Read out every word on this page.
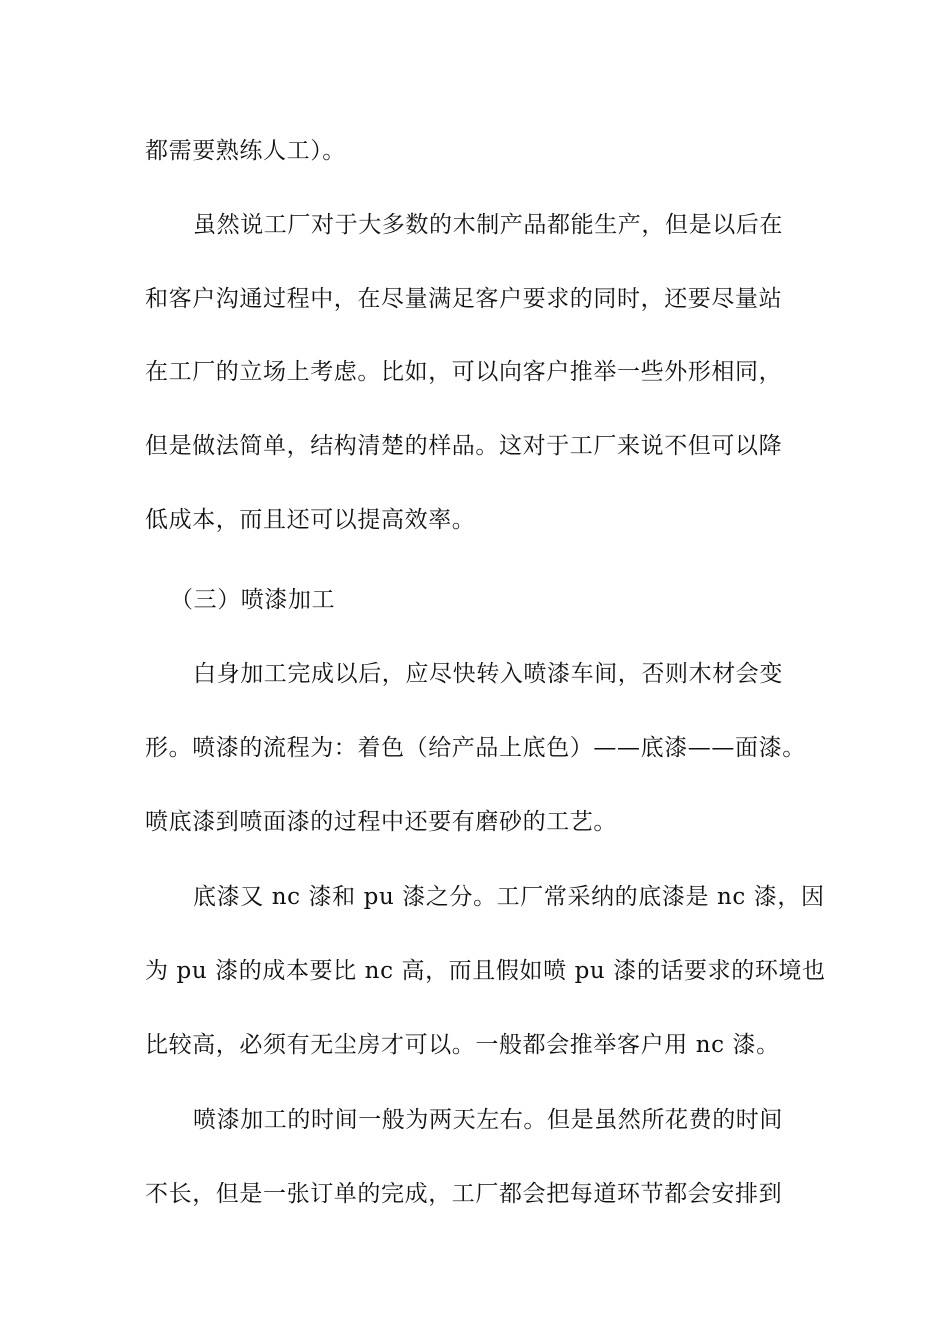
都需要熟练人工）。
虽然说工厂对于大多数的木制产品都能生产，但是以后在
和客户沟通过程中，在尽量满足客户要求的同时，还要尽量站
在工厂的立场上考虑。比如，可以向客户推举一些外形相同，
但是做法简单，结构清楚的样品。这对于工厂来说不但可以降
低成本，而且还可以提高效率。
（三）喷漆加工
白身加工完成以后，应尽快转入喷漆车间，否则木材会变
形。喷漆的流程为：着色（给产品上底色）——底漆——面漆。
喷底漆到喷面漆的过程中还要有磨砂的工艺。
底漆又 nc 漆和 pu 漆之分。工厂常采纳的底漆是 nc 漆，因
为 pu 漆的成本要比 nc 高，而且假如喷 pu 漆的话要求的环境也
比较高，必须有无尘房才可以。一般都会推举客户用 nc 漆。
喷漆加工的时间一般为两天左右。但是虽然所花费的时间
不长，但是一张订单的完成，工厂都会把每道环节都会安排到
